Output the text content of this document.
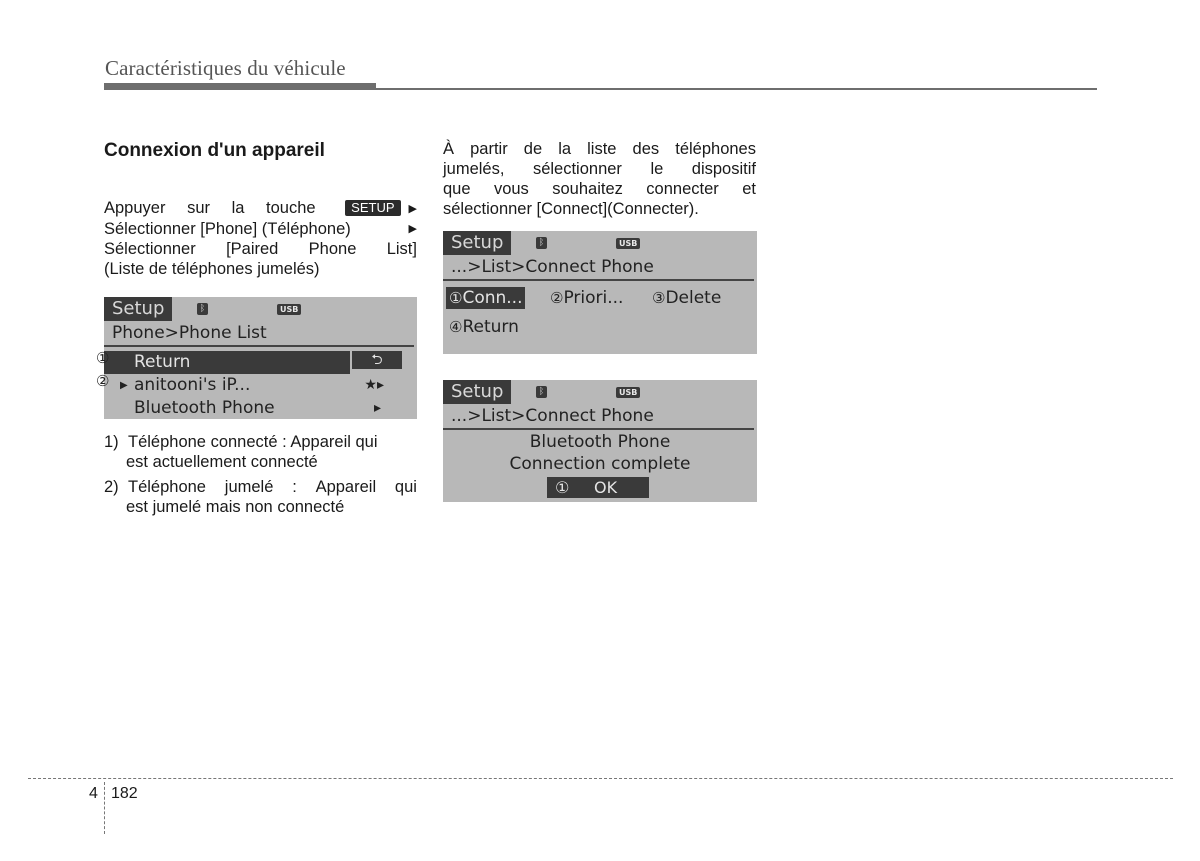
Caractéristiques du véhicule
Connexion d'un appareil
Appuyer sur la touche	SETUP ▶
Sélectionner [Phone] (Téléphone)	▶
Sélectionner [Paired Phone List]
(Liste de téléphones jumelés)
À partir de la liste des téléphones
jumelés, sélectionner le dispositif
que vous souhaitez connecter et
sélectionner [Connect](Connecter).
Setup	ᛒ	USB
Phone>Phone List
Return	⮌
▶ anitooni's iP...	★▸
Bluetooth Phone	▸
①
②
Setup	ᛒ	USB
...>List>Connect Phone
①Conn... ②Priori... ③Delete
④Return
Setup	ᛒ	USB
...>List>Connect Phone
Bluetooth Phone
Connection complete
① OK
1) Téléphone connecté : Appareil qui
est actuellement connecté
2) Téléphone jumelé : Appareil qui
est jumelé mais non connecté
4 182
